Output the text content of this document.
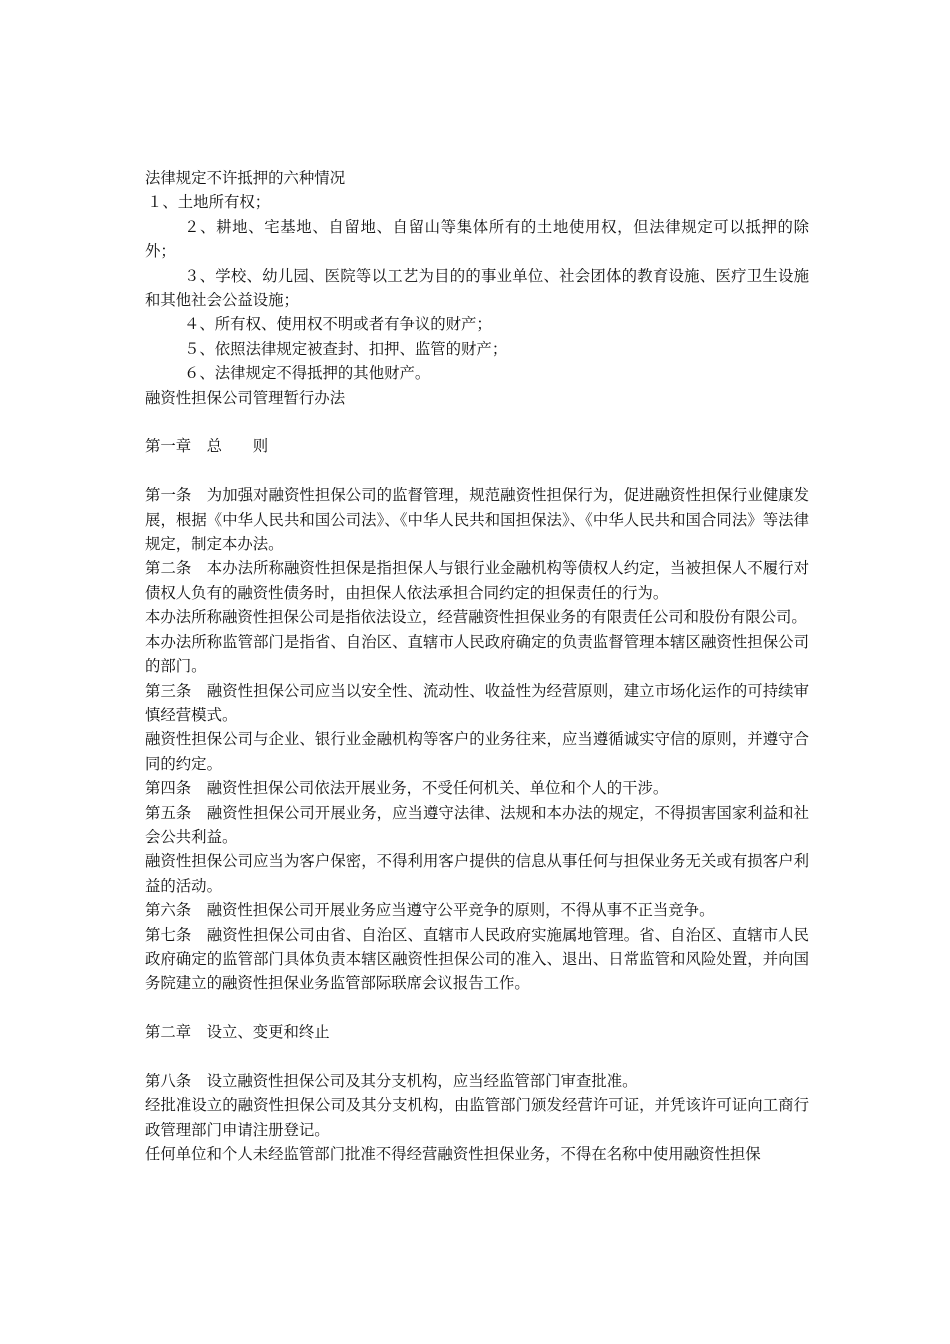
法律规定不许抵押的六种情况
１、土地所有权；

２、耕地、宅基地、自留地、自留山等集体所有的土地使用权，但法律规定可以抵押的除外；

３、学校、幼儿园、医院等以工艺为目的的事业单位、社会团体的教育设施、医疗卫生设施和其他社会公益设施；

４、所有权、使用权不明或者有争议的财产；
５、依照法律规定被查封、扣押、监管的财产；
６、法律规定不得抵押的其他财产。
融资性担保公司管理暂行办法
第一章　总　　则

第一条　为加强对融资性担保公司的监督管理，规范融资性担保行为，促进融资性担保行业健康发展，根据《中华人民共和国公司法》、《中华人民共和国担保法》、《中华人民共和国合同法》等法律规定，制定本办法。

第二条　本办法所称融资性担保是指担保人与银行业金融机构等债权人约定，当被担保人不履行对债权人负有的融资性债务时，由担保人依法承担合同约定的担保责任的行为。

本办法所称融资性担保公司是指依法设立，经营融资性担保业务的有限责任公司和股份有限公司。

本办法所称监管部门是指省、自治区、直辖市人民政府确定的负责监督管理本辖区融资性担保公司的部门。

第三条　融资性担保公司应当以安全性、流动性、收益性为经营原则，建立市场化运作的可持续审慎经营模式。

融资性担保公司与企业、银行业金融机构等客户的业务往来，应当遵循诚实守信的原则，并遵守合同的约定。

第四条　融资性担保公司依法开展业务，不受任何机关、单位和个人的干涉。

第五条　融资性担保公司开展业务，应当遵守法律、法规和本办法的规定，不得损害国家利益和社会公共利益。

融资性担保公司应当为客户保密，不得利用客户提供的信息从事任何与担保业务无关或有损客户利益的活动。

第六条　融资性担保公司开展业务应当遵守公平竞争的原则，不得从事不正当竞争。

第七条　融资性担保公司由省、自治区、直辖市人民政府实施属地管理。省、自治区、直辖市人民政府确定的监管部门具体负责本辖区融资性担保公司的准入、退出、日常监管和风险处置，并向国务院建立的融资性担保业务监管部际联席会议报告工作。

第二章　设立、变更和终止

第八条　设立融资性担保公司及其分支机构，应当经监管部门审查批准。

经批准设立的融资性担保公司及其分支机构，由监管部门颁发经营许可证，并凭该许可证向工商行政管理部门申请注册登记。

任何单位和个人未经监管部门批准不得经营融资性担保业务，不得在名称中使用融资性担保
